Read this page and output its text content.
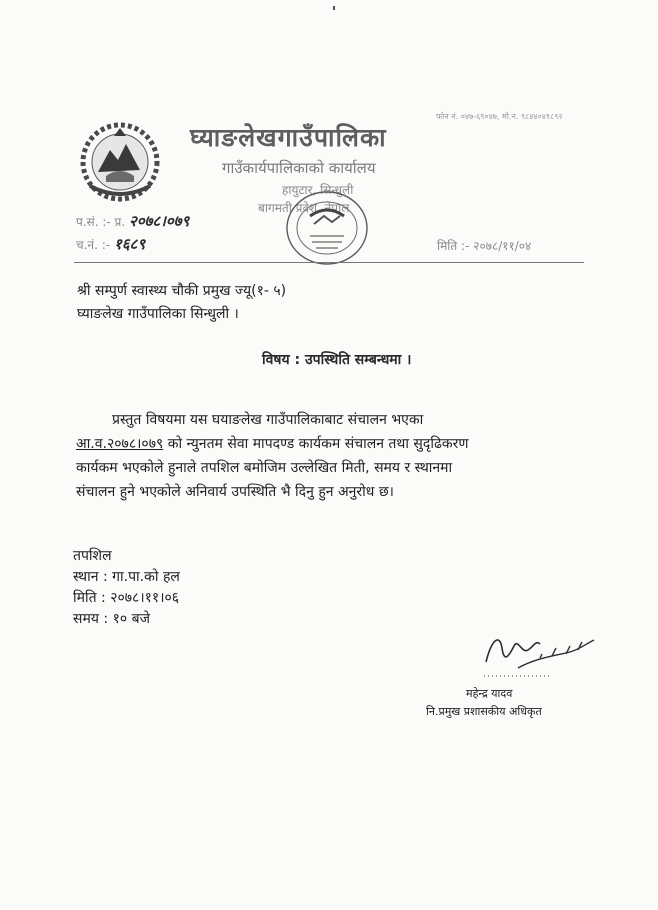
फोन नं. ०४७-६९०४७, मो.न. ९८४४०४१८९२
घ्याङलेखगाउँपालिका
गाउँकार्यपालिकाको कार्यालय
हायुटार, सिन्धुली
बागमती प्रदेश, नेपाल
प.सं. :- प्र. २०७८।०७९
च.नं. :- १६८९	मिति :- २०७८/११/०४
श्री सम्पुर्ण स्वास्थ्य चौकी प्रमुख ज्यू(१- ५)
घ्याङलेख गाउँपालिका सिन्धुली ।
विषय : उपस्थिति सम्बन्धमा ।
प्रस्तुत विषयमा यस घयाङलेख गाउँपालिकाबाट संचालन भएका
आ.व.२०७८।०७९ को न्युनतम सेवा मापदण्ड कार्यकम संचालन तथा सुदृढिकरण
कार्यकम भएकोले हुनाले तपशिल बमोजिम उल्लेखित मिती, समय र स्थानमा
संचालन हुने भएकोले अनिवार्य उपस्थिति भै दिनु हुन अनुरोध छ।
तपशिल
स्थान : गा.पा.को हल
मिति : २०७८।११।०६
समय : १० बजे
महेन्द्र यादव
नि.प्रमुख प्रशासकीय अधिकृत
